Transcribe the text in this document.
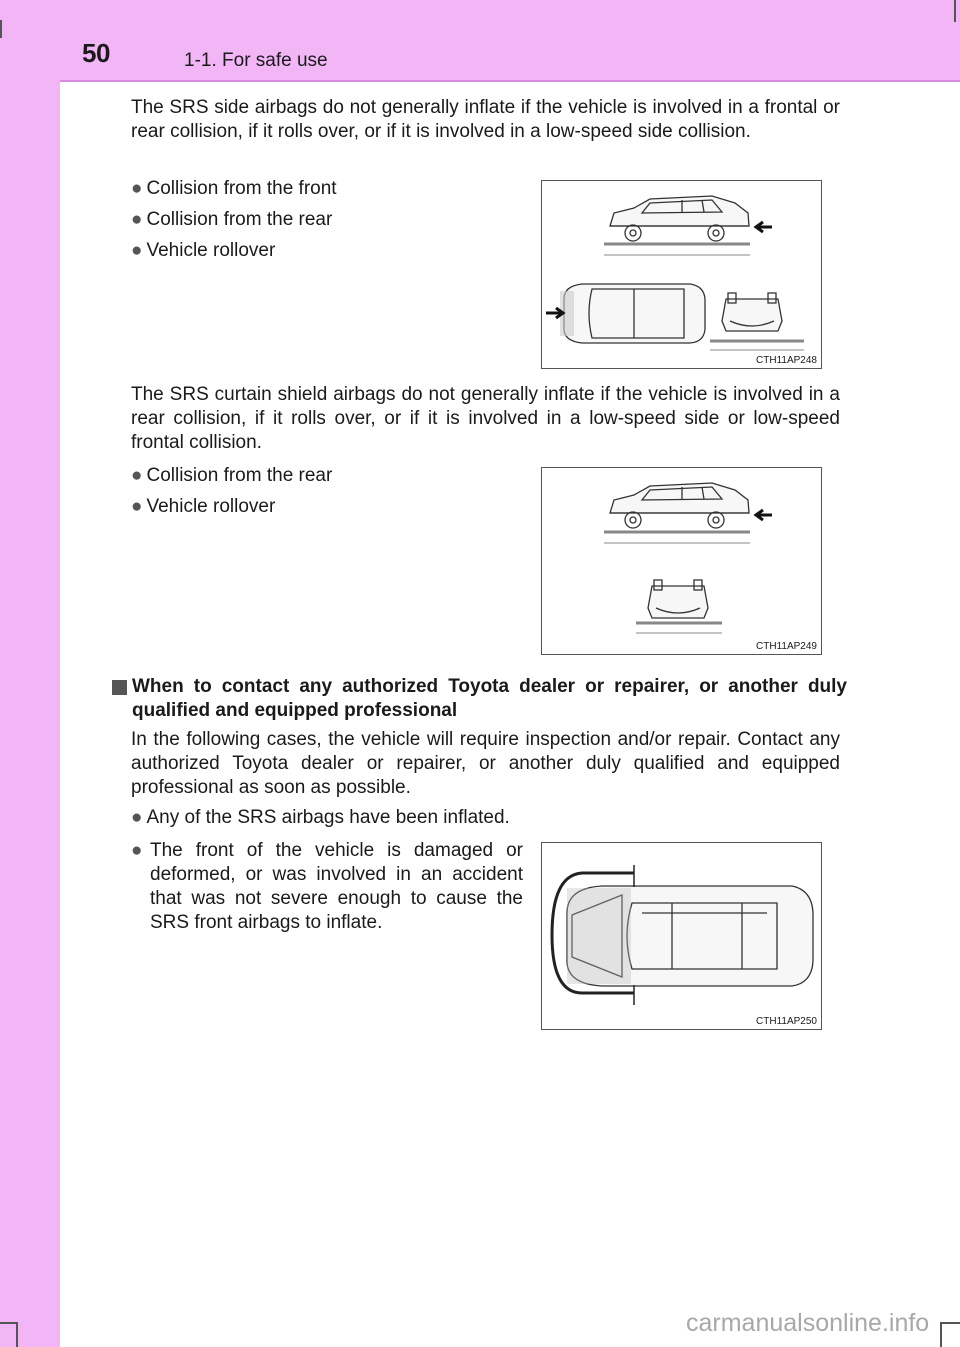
50	1-1. For safe use
The SRS side airbags do not generally inflate if the vehicle is involved in a frontal or rear collision, if it rolls over, or if it is involved in a low-speed side collision.
● Collision from the front
● Collision from the rear
● Vehicle rollover
CTH11AP248
The SRS curtain shield airbags do not generally inflate if the vehicle is involved in a rear collision, if it rolls over, or if it is involved in a low-speed side or low-speed frontal collision.
● Collision from the rear
● Vehicle rollover
CTH11AP249
When to contact any authorized Toyota dealer or repairer, or another duly qualified and equipped professional
In the following cases, the vehicle will require inspection and/or repair. Contact any authorized Toyota dealer or repairer, or another duly qualified and equipped professional as soon as possible.
● Any of the SRS airbags have been inflated.
● The front of the vehicle is damaged or deformed, or was involved in an accident that was not severe enough to cause the SRS front airbags to inflate.
CTH11AP250
carmanualsonline.info
